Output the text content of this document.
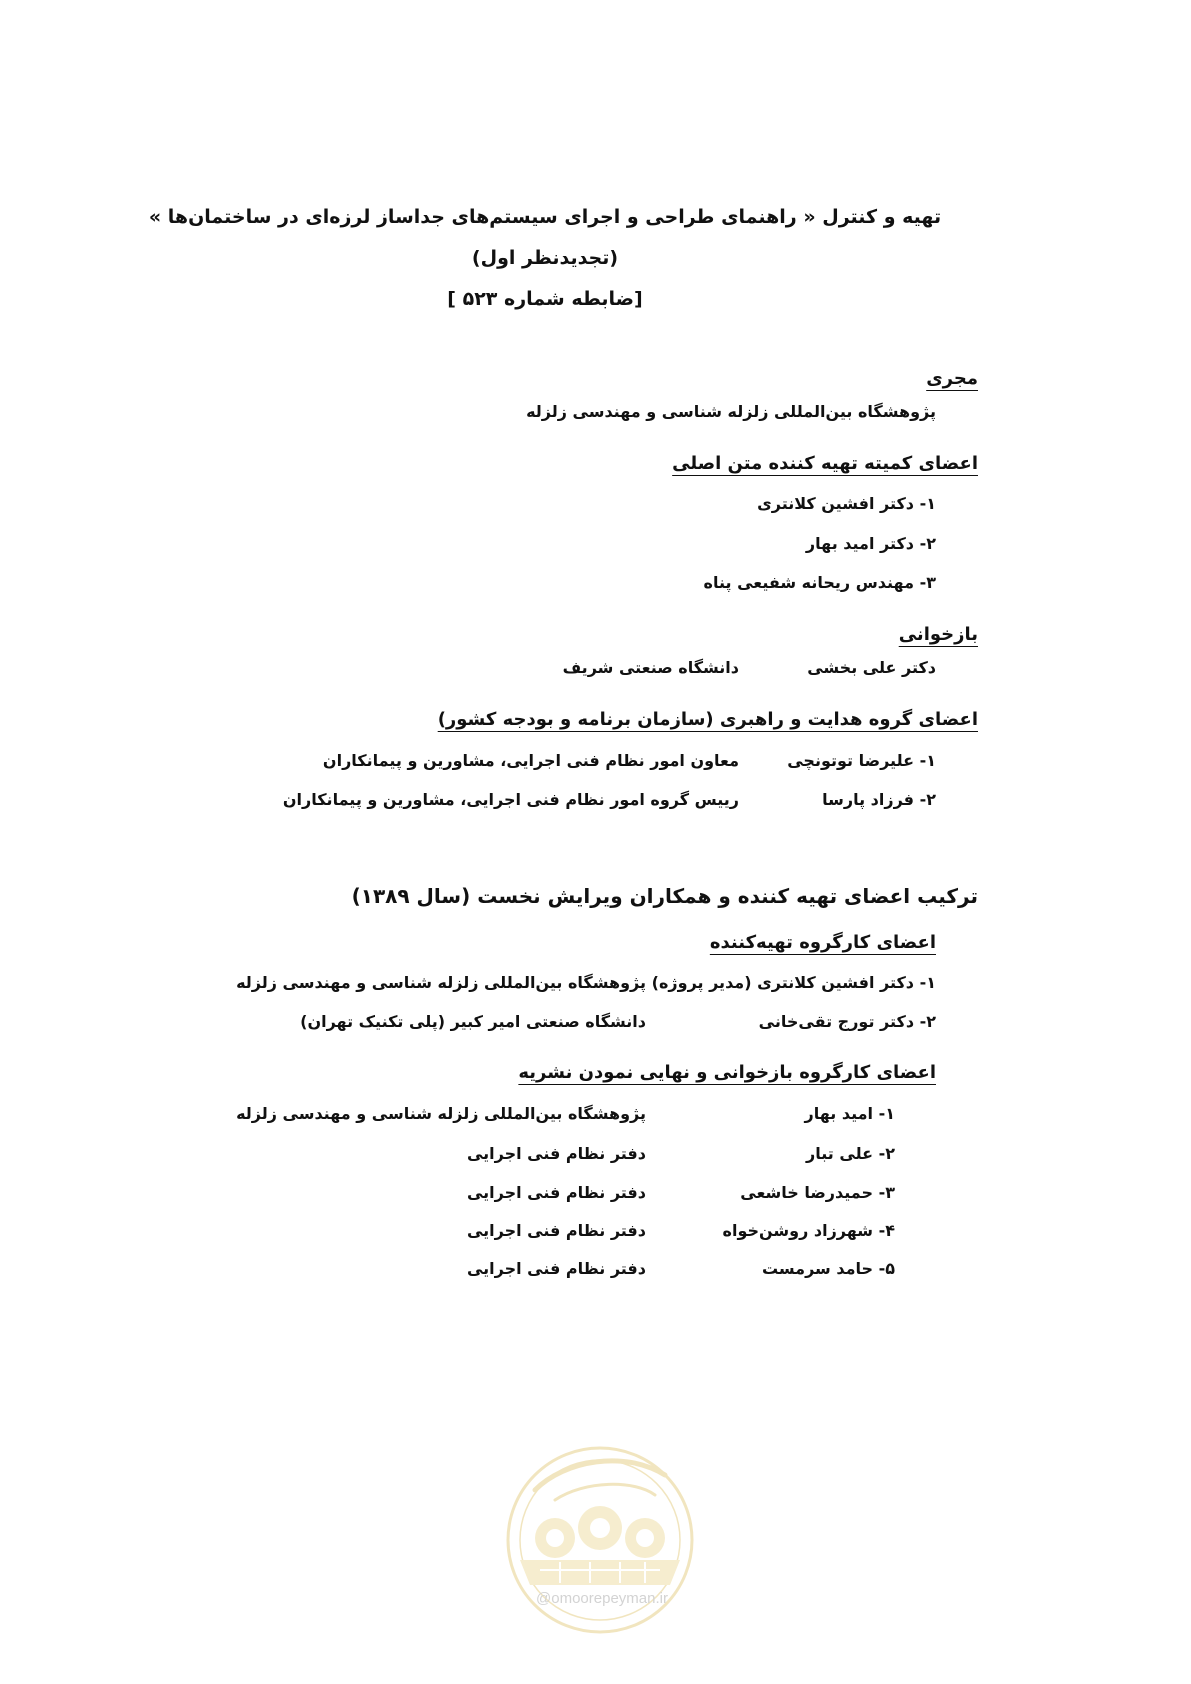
تهیه و کنترل « راهنمای طراحی و اجرای سیستم‌های جداساز لرزه‌ای در ساختمان‌ها »
(تجدیدنظر اول)
[ضابطه شماره ۵۲۳ ]
مجری
پژوهشگاه بین‌المللی زلزله شناسی و مهندسی زلزله
اعضای کمیته تهیه کننده متن اصلی
۱- دکتر افشین کلانتری
۲- دکتر امید بهار
۳- مهندس ریحانه شفیعی پناه
بازخوانی
دکتر علی بخشی
دانشگاه صنعتی شریف
اعضای گروه هدایت و راهبری (سازمان برنامه و بودجه کشور)
۱- علیرضا توتونچی
معاون امور نظام فنی اجرایی، مشاورین و پیمانکاران
۲- فرزاد پارسا
رییس گروه امور نظام فنی اجرایی، مشاورین و پیمانکاران
ترکیب اعضای تهیه کننده و همکاران ویرایش نخست (سال ۱۳۸۹)
اعضای کارگروه تهیه‌کننده
۱- دکتر افشین کلانتری (مدیر پروژه)
پژوهشگاه بین‌المللی زلزله شناسی و مهندسی زلزله
۲- دکتر تورج تقی‌خانی
دانشگاه صنعتی امیر کبیر (پلی تکنیک تهران)
اعضای کارگروه بازخوانی و نهایی نمودن نشریه
۱- امید بهار
پژوهشگاه بین‌المللی زلزله شناسی و مهندسی زلزله
۲- علی تبار
دفتر نظام فنی اجرایی
۳- حمیدرضا خاشعی
دفتر نظام فنی اجرایی
۴- شهرزاد روشن‌خواه
دفتر نظام فنی اجرایی
۵- حامد سرمست
دفتر نظام فنی اجرایی
@omoorepeyman.ir
